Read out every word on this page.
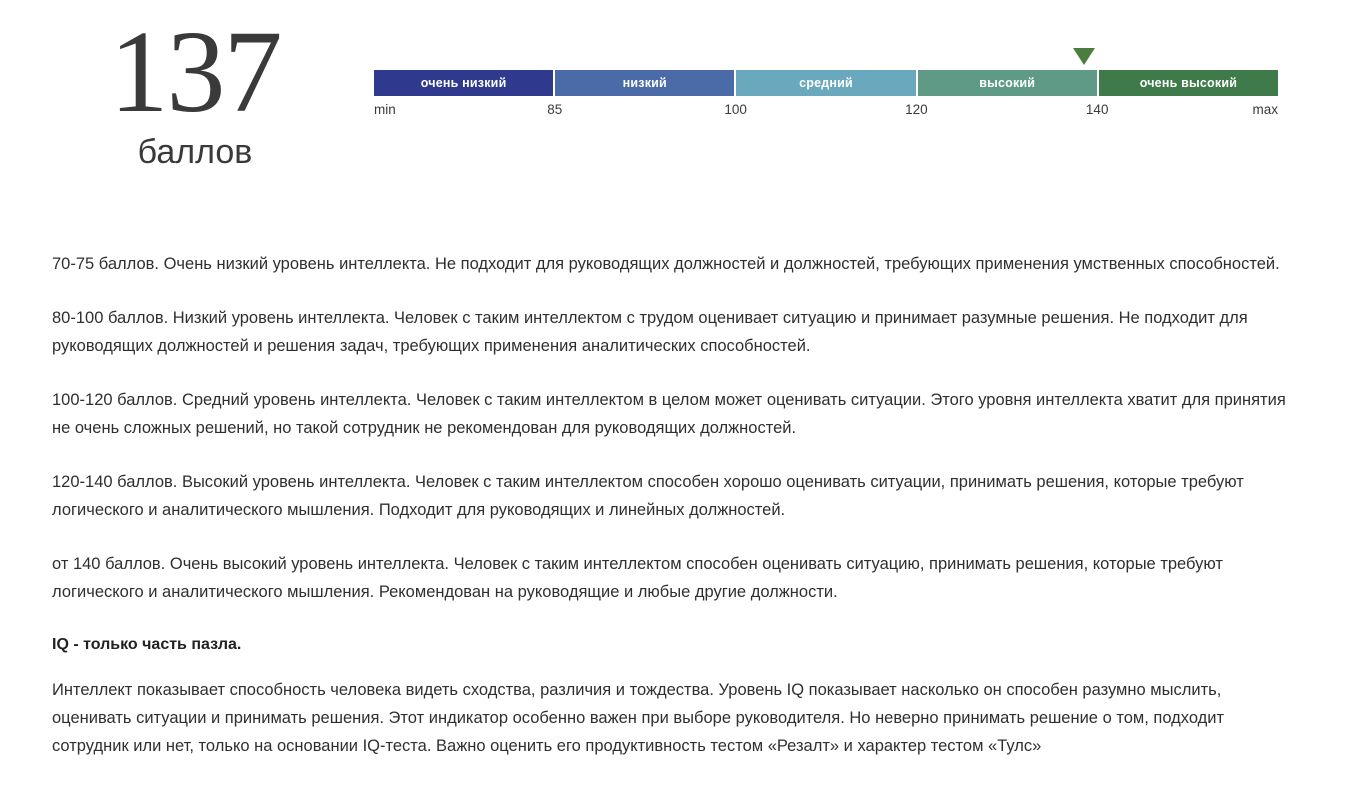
137
баллов
очень низкий	низкий	средний	высокий	очень высокий
min	85	100	120	140	max

70-75 баллов. Очень низкий уровень интеллекта. Не подходит для руководящих должностей и должностей, требующих применения умственных способностей.

80-100 баллов. Низкий уровень интеллекта. Человек с таким интеллектом с трудом оценивает ситуацию и принимает разумные решения. Не подходит для руководящих должностей и решения задач, требующих применения аналитических способностей.

100-120 баллов. Средний уровень интеллекта. Человек с таким интеллектом в целом может оценивать ситуации. Этого уровня интеллекта хватит для принятия не очень сложных решений, но такой сотрудник не рекомендован для руководящих должностей.

120-140 баллов. Высокий уровень интеллекта. Человек с таким интеллектом способен хорошо оценивать ситуации, принимать решения, которые требуют логического и аналитического мышления. Подходит для руководящих и линейных должностей.

от 140 баллов. Очень высокий уровень интеллекта. Человек с таким интеллектом способен оценивать ситуацию, принимать решения, которые требуют логического и аналитического мышления. Рекомендован на руководящие и любые другие должности.

IQ - только часть пазла.

Интеллект показывает способность человека видеть сходства, различия и тождества. Уровень IQ показывает насколько он способен разумно мыслить, оценивать ситуации и принимать решения. Этот индикатор особенно важен при выборе руководителя. Но неверно принимать решение о том, подходит сотрудник или нет, только на основании IQ-теста. Важно оценить его продуктивность тестом «Резалт» и характер тестом «Тулс»
